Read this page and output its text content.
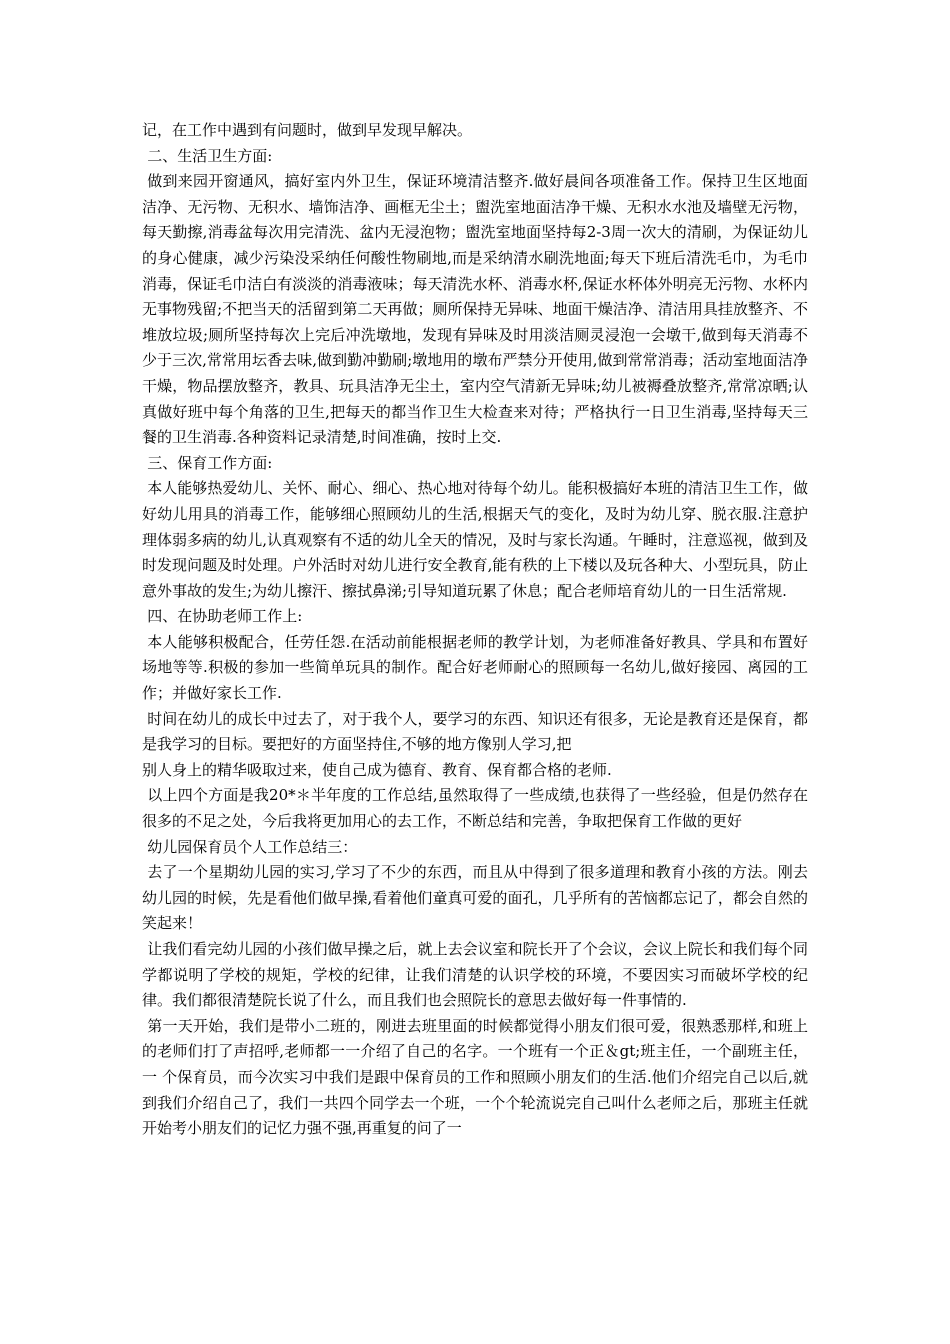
记，在工作中遇到有问题时，做到早发现早解决。

二、生活卫生方面:

做到来园开窗通风，搞好室内外卫生，保证环境清洁整齐.做好晨间各项准备工作。保持卫生区地面洁净、无污物、无积水、墙饰洁净、画框无尘土；盥洗室地面洁净干燥、无积水水池及墙壁无污物，每天勤擦,消毒盆每次用完清洗、盆内无浸泡物；盥洗室地面坚持每2-3周一次大的清刷，为保证幼儿的身心健康，减少污染没采纳任何酸性物刷地,而是采纳清水刷洗地面;每天下班后清洗毛巾，为毛巾消毒，保证毛巾洁白有淡淡的消毒液味；每天清洗水杯、消毒水杯,保证水杯体外明亮无污物、水杯内无事物残留;不把当天的活留到第二天再做；厕所保持无异味、地面干燥洁净、清洁用具挂放整齐、不堆放垃圾;厕所坚持每次上完后冲洗墩地，发现有异味及时用淡洁厕灵浸泡一会墩干,做到每天消毒不少于三次,常常用坛香去味,做到勤冲勤刷;墩地用的墩布严禁分开使用,做到常常消毒；活动室地面洁净干燥，物品摆放整齐，教具、玩具洁净无尘土，室内空气清新无异味;幼儿被褥叠放整齐,常常凉晒;认真做好班中每个角落的卫生,把每天的都当作卫生大检查来对待；严格执行一日卫生消毒,坚持每天三餐的卫生消毒.各种资料记录清楚,时间准确，按时上交.

三、保育工作方面:

本人能够热爱幼儿、关怀、耐心、细心、热心地对待每个幼儿。能积极搞好本班的清洁卫生工作，做好幼儿用具的消毒工作，能够细心照顾幼儿的生活,根据天气的变化，及时为幼儿穿、脱衣服.注意护理体弱多病的幼儿,认真观察有不适的幼儿全天的情况，及时与家长沟通。午睡时，注意巡视，做到及时发现问题及时处理。户外活时对幼儿进行安全教育,能有秩的上下楼以及玩各种大、小型玩具，防止意外事故的发生;为幼儿擦汗、擦拭鼻涕;引导知道玩累了休息；配合老师培育幼儿的一日生活常规.

四、在协助老师工作上:

本人能够积极配合，任劳任怨.在活动前能根据老师的教学计划，为老师准备好教具、学具和布置好场地等等.积极的参加一些简单玩具的制作。配合好老师耐心的照顾每一名幼儿,做好接园、离园的工作；并做好家长工作.

时间在幼儿的成长中过去了，对于我个人，要学习的东西、知识还有很多，无论是教育还是保育，都是我学习的目标。要把好的方面坚持住,不够的地方像别人学习,把

别人身上的精华吸取过来，使自己成为德育、教育、保育都合格的老师.

以上四个方面是我20*＊半年度的工作总结,虽然取得了一些成绩,也获得了一些经验，但是仍然存在很多的不足之处，今后我将更加用心的去工作，不断总结和完善，争取把保育工作做的更好

幼儿园保育员个人工作总结三：

去了一个星期幼儿园的实习,学习了不少的东西，而且从中得到了很多道理和教育小孩的方法。刚去幼儿园的时候，先是看他们做早操,看着他们童真可爱的面孔，几乎所有的苦恼都忘记了，都会自然的笑起来！

让我们看完幼儿园的小孩们做早操之后，就上去会议室和院长开了个会议，会议上院长和我们每个同学都说明了学校的规矩，学校的纪律，让我们清楚的认识学校的环境，不要因实习而破坏学校的纪律。我们都很清楚院长说了什么，而且我们也会照院长的意思去做好每一件事情的.

第一天开始，我们是带小二班的，刚进去班里面的时候都觉得小朋友们很可爱，很熟悉那样,和班上的老师们打了声招呼,老师都一一介绍了自己的名字。一个班有一个正＆gt;班主任，一个副班主任，一 个保育员，而今次实习中我们是跟中保育员的工作和照顾小朋友们的生活.他们介绍完自己以后,就到我们介绍自己了，我们一共四个同学去一个班，一个个轮流说完自己叫什么老师之后，那班主任就开始考小朋友们的记忆力强不强,再重复的问了一
